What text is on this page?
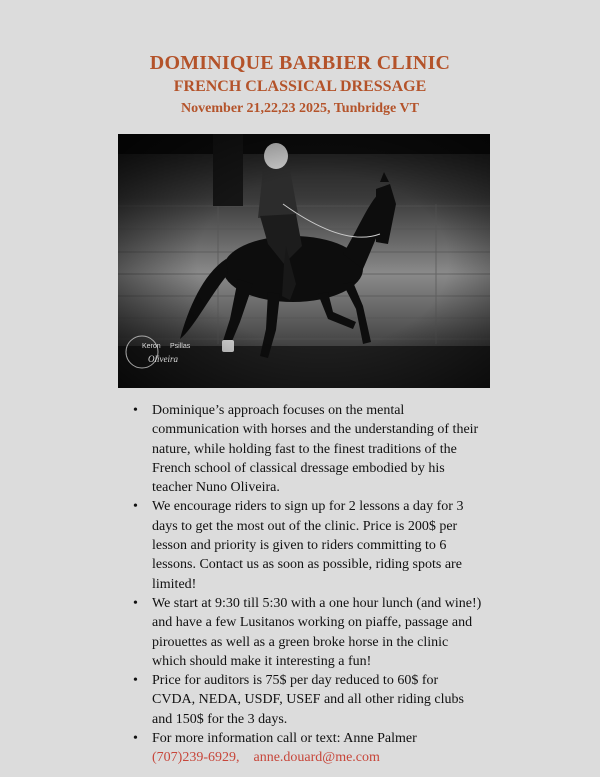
DOMINIQUE BARBIER CLINIC
FRENCH CLASSICAL DRESSAGE
November 21,22,23 2025, Tunbridge VT
Keron Psillas
Oliveira
• Dominique’s approach focuses on the mental communication with horses and the understanding of their nature, while holding fast to the finest traditions of the French school of classical dressage embodied by his teacher Nuno Oliveira.
• We encourage riders to sign up for 2 lessons a day for 3 days to get the most out of the clinic. Price is 200$ per lesson and priority is given to riders committing to 6 lessons. Contact us as soon as possible, riding spots are limited!
• We start at 9:30 till 5:30 with a one hour lunch (and wine!) and have a few Lusitanos working on piaffe, passage and pirouettes as well as a green broke horse in the clinic which should make it interesting a fun!
• Price for auditors is 75$ per day reduced to 60$ for CVDA, NEDA, USDF, USEF and all other riding clubs and 150$ for the 3 days.
• For more information call or text: Anne Palmer
(707)239-6929, anne.douard@me.com
